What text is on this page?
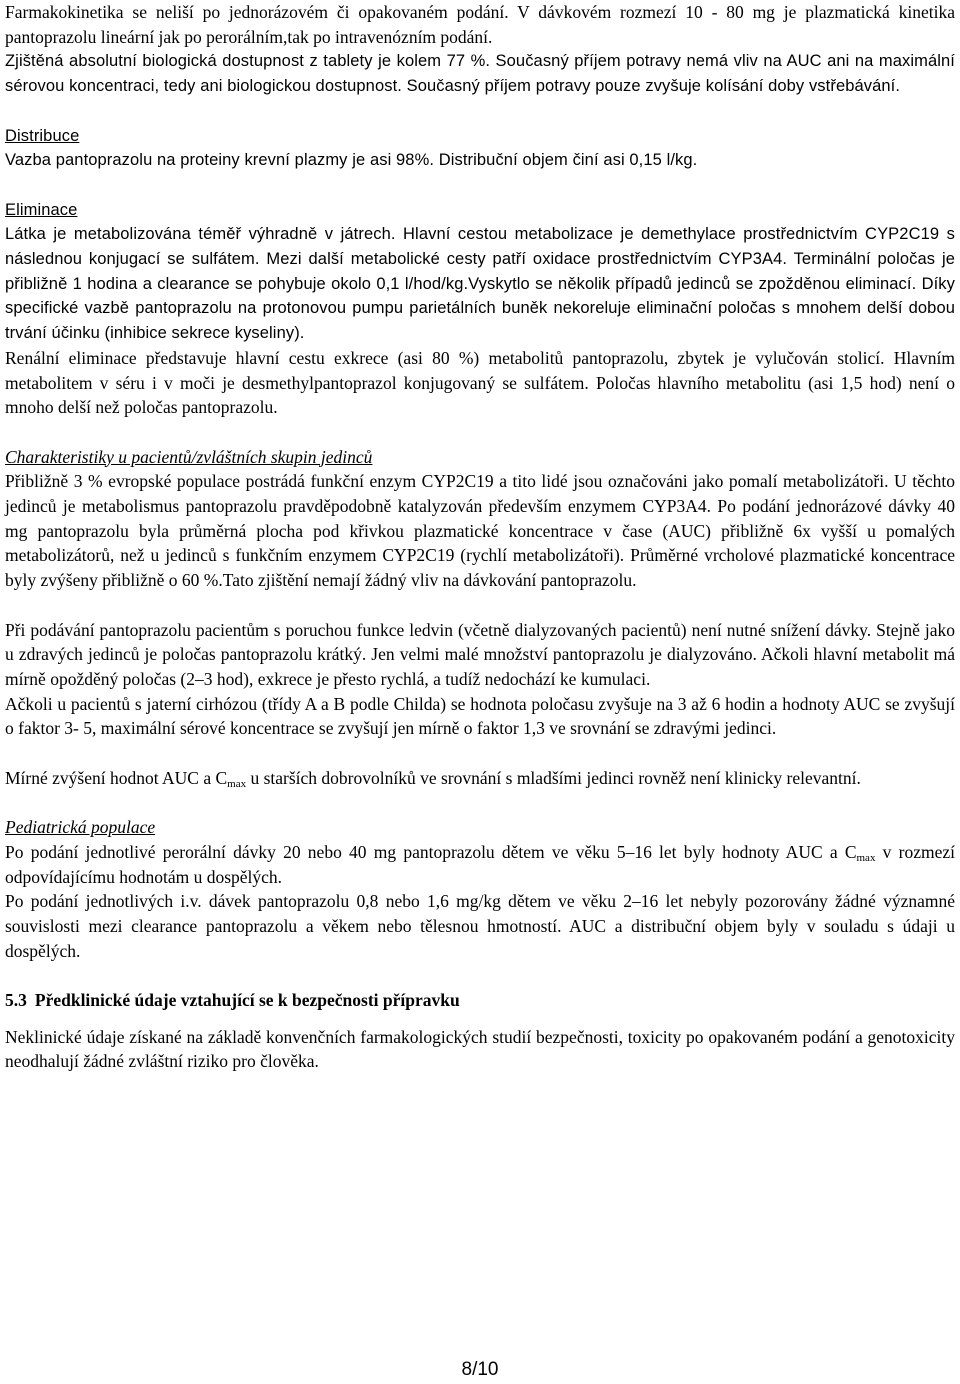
Farmakokinetika se neliší po jednorázovém či opakovaném podání. V dávkovém rozmezí 10 - 80 mg je plazmatická kinetika pantoprazolu lineární jak po perorálním,tak po intravenózním podání.

Zjištěná absolutní biologická dostupnost z tablety je kolem 77 %. Současný příjem potravy nemá vliv na AUC ani na maximální sérovou koncentraci, tedy ani biologickou dostupnost. Současný příjem potravy pouze zvyšuje kolísání doby vstřebávání.

Distribuce

Vazba pantoprazolu na proteiny krevní plazmy je asi 98%. Distribuční objem činí asi 0,15 l/kg.

Eliminace

Látka je metabolizována téměř výhradně v játrech. Hlavní cestou metabolizace je demethylace prostřednictvím CYP2C19 s následnou konjugací se sulfátem. Mezi další metabolické cesty patří oxidace prostřednictvím CYP3A4. Terminální poločas je přibližně 1 hodina a clearance se pohybuje okolo 0,1 l/hod/kg.Vyskytlo se několik případů jedinců se zpožděnou eliminací. Díky specifické vazbě pantoprazolu na protonovou pumpu parietálních buněk nekoreluje eliminační poločas s mnohem delší dobou trvání účinku (inhibice sekrece kyseliny).

Renální eliminace představuje hlavní cestu exkrece (asi 80 %) metabolitů pantoprazolu, zbytek je vylučován stolicí. Hlavním metabolitem v séru i v moči je desmethylpantoprazol konjugovaný se sulfátem. Poločas hlavního metabolitu (asi 1,5 hod) není o mnoho delší než poločas pantoprazolu.

Charakteristiky u pacientů/zvláštních skupin jedinců

Přibližně 3 % evropské populace postrádá funkční enzym CYP2C19 a tito lidé jsou označováni jako pomalí metabolizátoři. U těchto jedinců je metabolismus pantoprazolu pravděpodobně katalyzován především enzymem CYP3A4. Po podání jednorázové dávky 40 mg pantoprazolu byla průměrná plocha pod křivkou plazmatické koncentrace v čase (AUC) přibližně 6x vyšší u pomalých metabolizátorů, než u jedinců s funkčním enzymem CYP2C19 (rychlí metabolizátoři). Průměrné vrcholové plazmatické koncentrace byly zvýšeny přibližně o 60 %.Tato zjištění nemají žádný vliv na dávkování pantoprazolu.

Při podávání pantoprazolu pacientům s poruchou funkce ledvin (včetně dialyzovaných pacientů) není nutné snížení dávky. Stejně jako u zdravých jedinců je poločas pantoprazolu krátký. Jen velmi malé množství pantoprazolu je dialyzováno. Ačkoli hlavní metabolit má mírně opožděný poločas (2–3 hod), exkrece je přesto rychlá, a tudíž nedochází ke kumulaci.

Ačkoli u pacientů s jaterní cirhózou (třídy A a B podle Childa) se hodnota poločasu zvyšuje na 3 až 6 hodin a hodnoty AUC se zvyšují o faktor 3- 5, maximální sérové koncentrace se zvyšují jen mírně o faktor 1,3 ve srovnání se zdravými jedinci.

Mírné zvýšení hodnot AUC a $C_{max}$ u starších dobrovolníků ve srovnání s mladšími jedinci rovněž není klinicky relevantní.

Pediatrická populace

Po podání jednotlivé perorální dávky 20 nebo 40 mg pantoprazolu dětem ve věku 5–16 let byly hodnoty AUC a $C_{max}$ v rozmezí odpovídajícímu hodnotám u dospělých.

Po podání jednotlivých i.v. dávek pantoprazolu 0,8 nebo 1,6 mg/kg dětem ve věku 2–16 let nebyly pozorovány žádné významné souvislosti mezi clearance pantoprazolu a věkem nebo tělesnou hmotností. AUC a distribuční objem byly v souladu s údaji u dospělých.

5.3 Předklinické údaje vztahující se k bezpečnosti přípravku

Neklinické údaje získané na základě konvenčních farmakologických studií bezpečnosti, toxicity po opakovaném podání a genotoxicity neodhalují žádné zvláštní riziko pro člověka.

8/10
